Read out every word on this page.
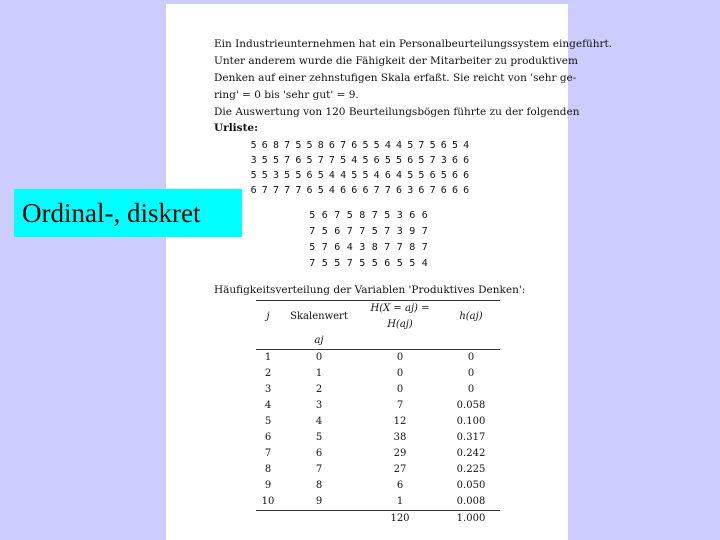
Ein Industrieunternehmen hat ein Personalbeurteilungssystem eingeführt.
Unter anderem wurde die Fähigkeit der Mitarbeiter zu produktivem
Denken auf einer zehnstufigen Skala erfaßt. Sie reicht von 'sehr ge-
ring' = 0 bis 'sehr gut' = 9.
Die Auswertung von 120 Beurteilungsbögen führte zu der folgenden
Urliste:
5 6 8 7 5 5 8 6 7 6 5 5 4 4 5 7 5 6 5 4
3 5 5 7 6 5 7 7 5 4 5 6 5 5 6 5 7 3 6 6
5 5 3 5 5 6 5 4 4 5 5 4 6 4 5 5 6 5 6 6
6 7 7 7 7 6 5 4 6 6 6 7 7 6 3 6 7 6 6 6
5 6 7 5 8 7 5 3 6 6
7 5 6 7 7 5 7 3 9 7
5 7 6 4 3 8 7 7 8 7
7 5 5 7 5 5 6 5 5 4
Häufigkeitsverteilung der Variablen 'Produktives Denken':
j	Skalenwert	H(X = aj) = H(aj)	h(aj)
	aj		
1	0	0	0
2	1	0	0
3	2	0	0
4	3	7	0.058
5	4	12	0.100
6	5	38	0.317
7	6	29	0.242
8	7	27	0.225
9	8	6	0.050
10	9	1	0.008
		120	1.000
Ordinal-, diskret
